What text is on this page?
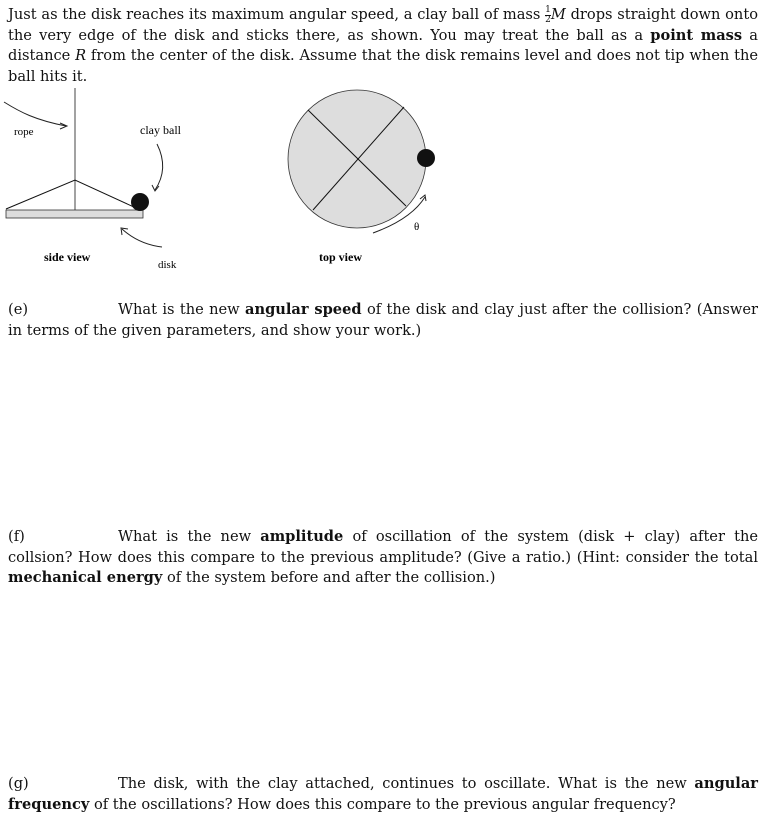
Just as the disk reaches its maximum angular speed, a clay ball of mass $\frac{1}{2}$ M drops straight down onto the very edge of the disk and sticks there, as shown. You may treat the ball as a point mass a distance R from the center of the disk. Assume that the disk remains level and does not tip when the ball hits it.
rope	clay ball
side view
disk
θ
top view
(e)	What is the new angular speed of the disk and clay just after the collision? (Answer in terms of the given parameters, and show your work.)
(f)	What is the new amplitude of oscillation of the system (disk + clay) after the collsion? How does this compare to the previous amplitude? (Give a ratio.) (Hint: consider the total mechanical energy of the system before and after the collision.)
(g)	The disk, with the clay attached, continues to oscillate. What is the new angular frequency of the oscillations? How does this compare to the previous angular frequency?
